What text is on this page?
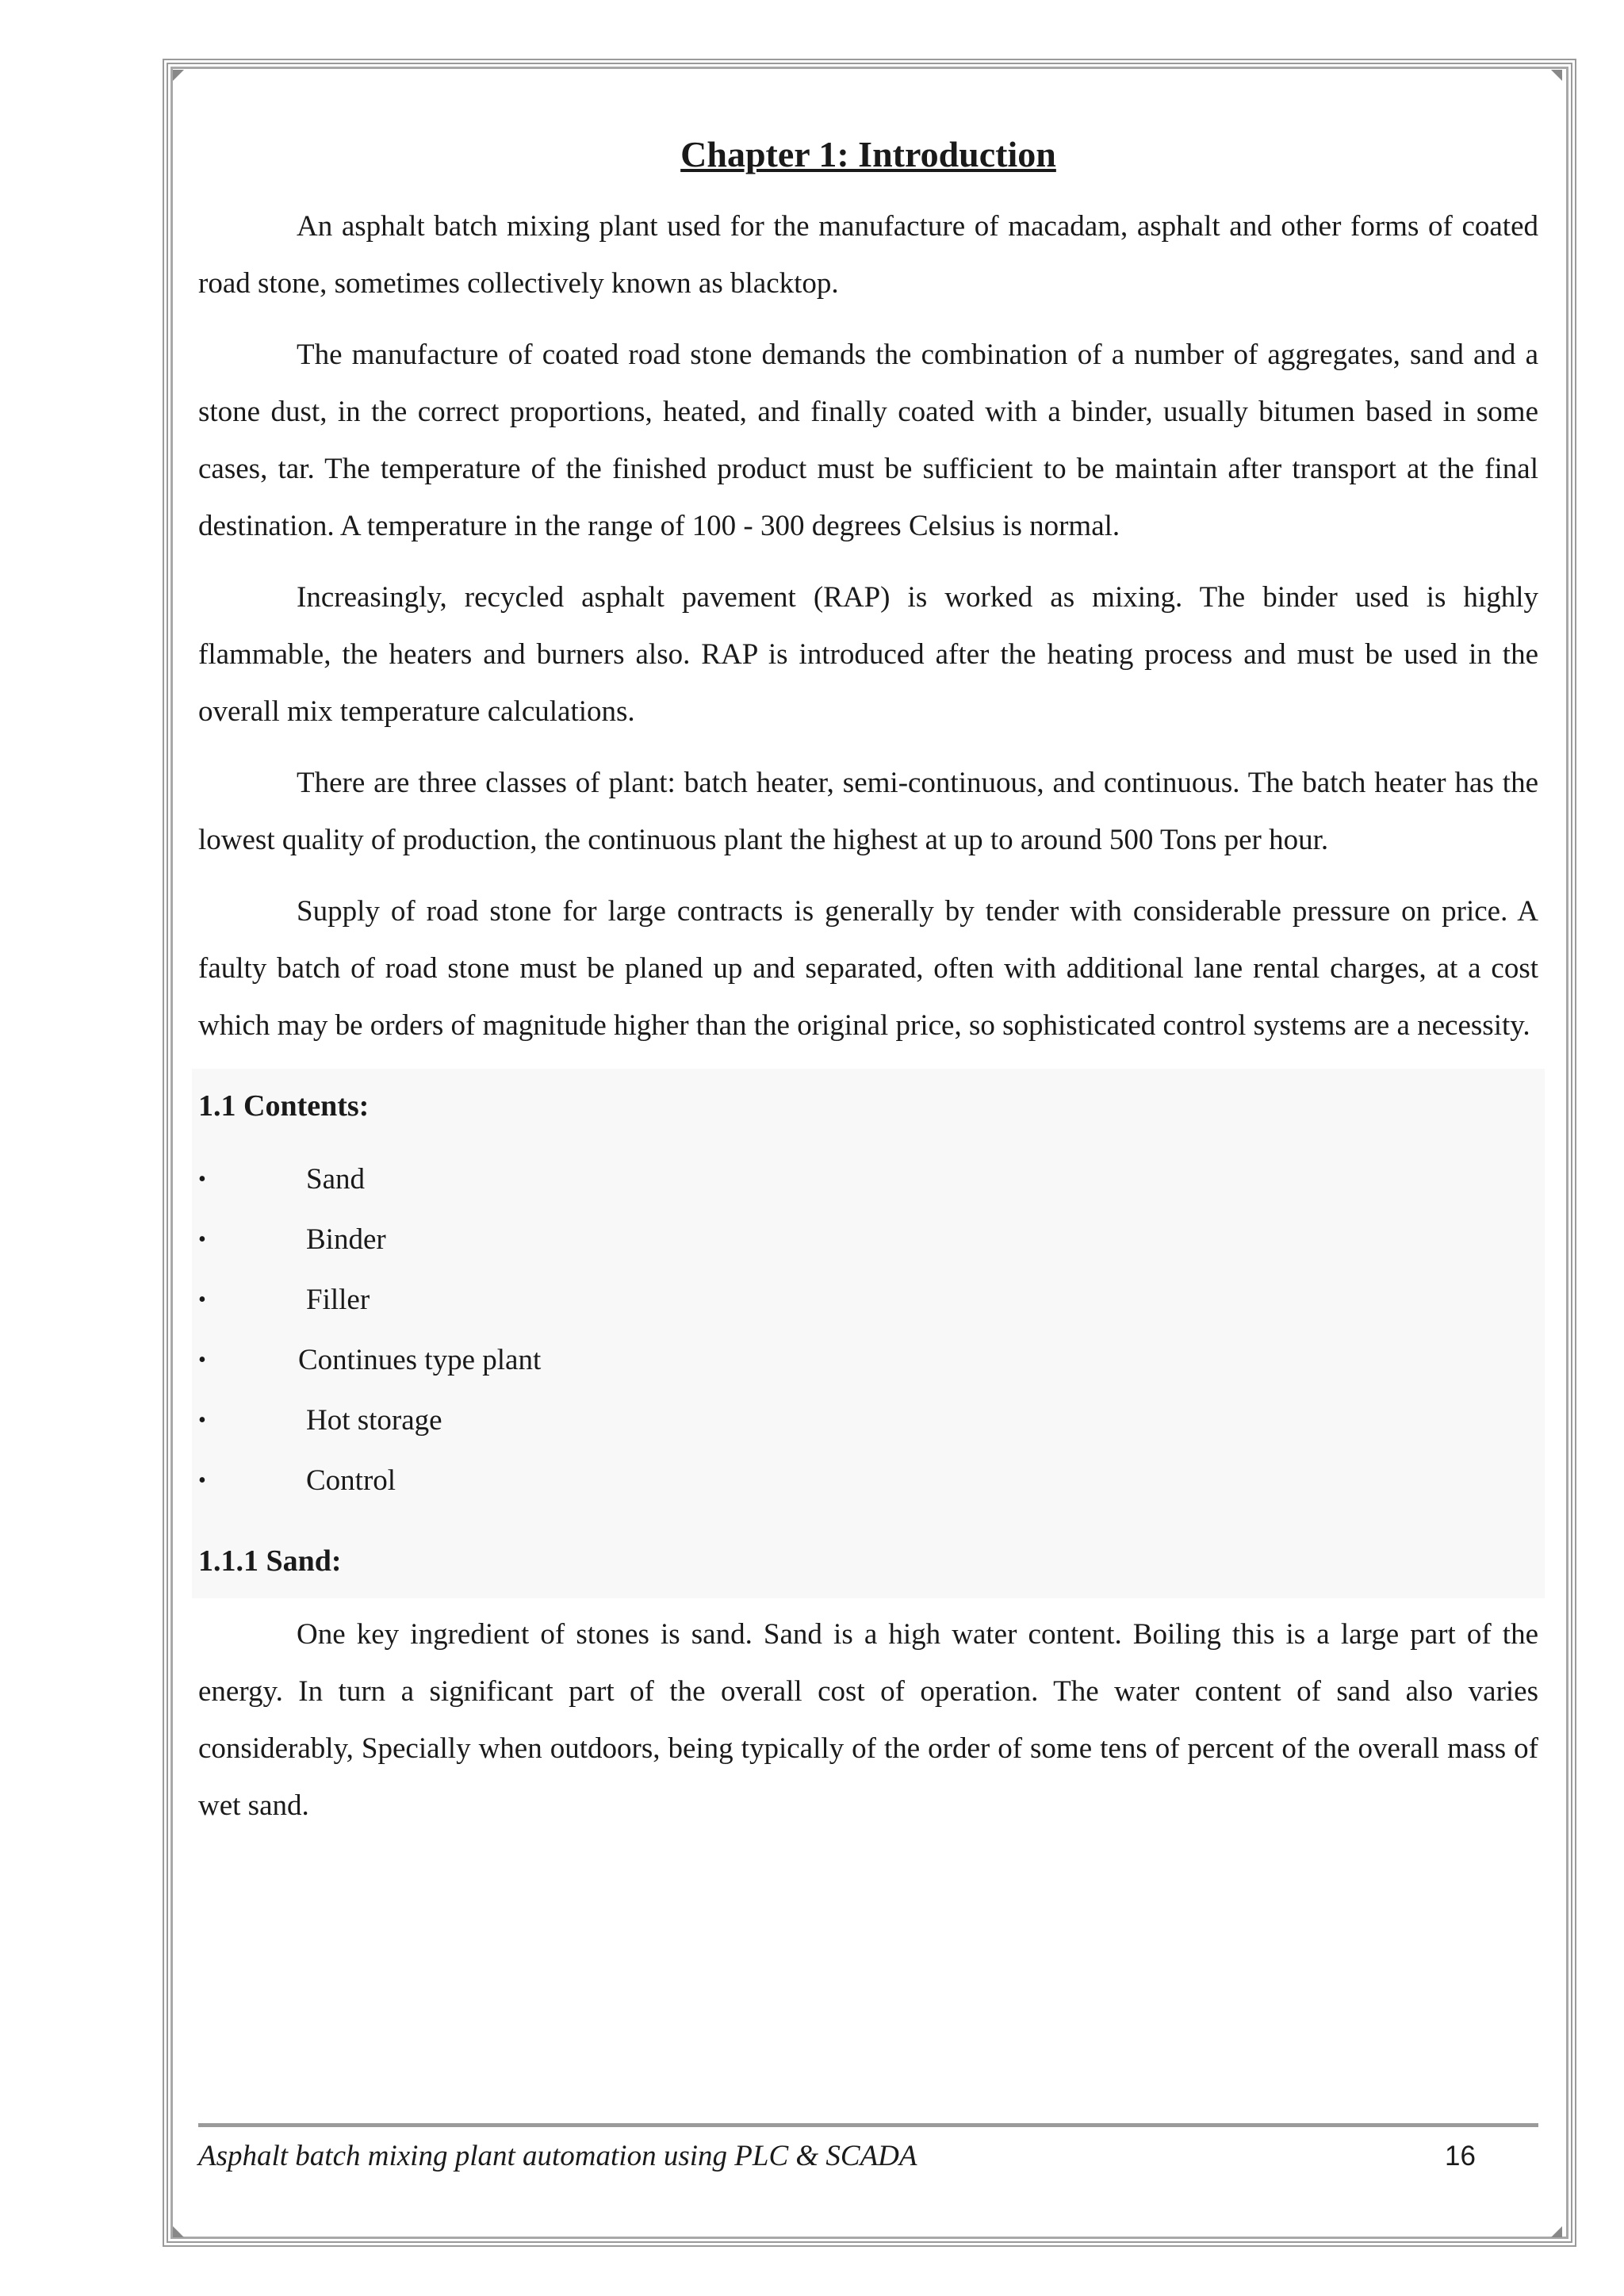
Chapter 1: Introduction

An asphalt batch mixing plant used for the manufacture of macadam, asphalt and other forms of coated road stone, sometimes collectively known as blacktop.

The manufacture of coated road stone demands the combination of a number of aggregates, sand and a stone dust, in the correct proportions, heated, and finally coated with a binder, usually bitumen based in some cases, tar. The temperature of the finished product must be sufficient to be maintain after transport at the final destination. A temperature in the range of 100 - 300 degrees Celsius is normal.

Increasingly, recycled asphalt pavement (RAP) is worked as mixing. The binder used is highly flammable, the heaters and burners also. RAP is introduced after the heating process and must be used in the overall mix temperature calculations.

There are three classes of plant: batch heater, semi-continuous, and continuous. The batch heater has the lowest quality of production, the continuous plant the highest at up to around 500 Tons per hour.

Supply of road stone for large contracts is generally by tender with considerable pressure on price. A faulty batch of road stone must be planed up and separated, often with additional lane rental charges, at a cost which may be orders of magnitude higher than the original price, so sophisticated control systems are a necessity.

1.1 Contents:
• Sand
• Binder
• Filler
• Continues type plant
• Hot storage
• Control
1.1.1 Sand:

One key ingredient of stones is sand. Sand is a high water content. Boiling this is a large part of the energy. In turn a significant part of the overall cost of operation. The water content of sand also varies considerably, Specially when outdoors, being typically of the order of some tens of percent of the overall mass of wet sand.

Asphalt batch mixing plant automation using PLC & SCADA	16
